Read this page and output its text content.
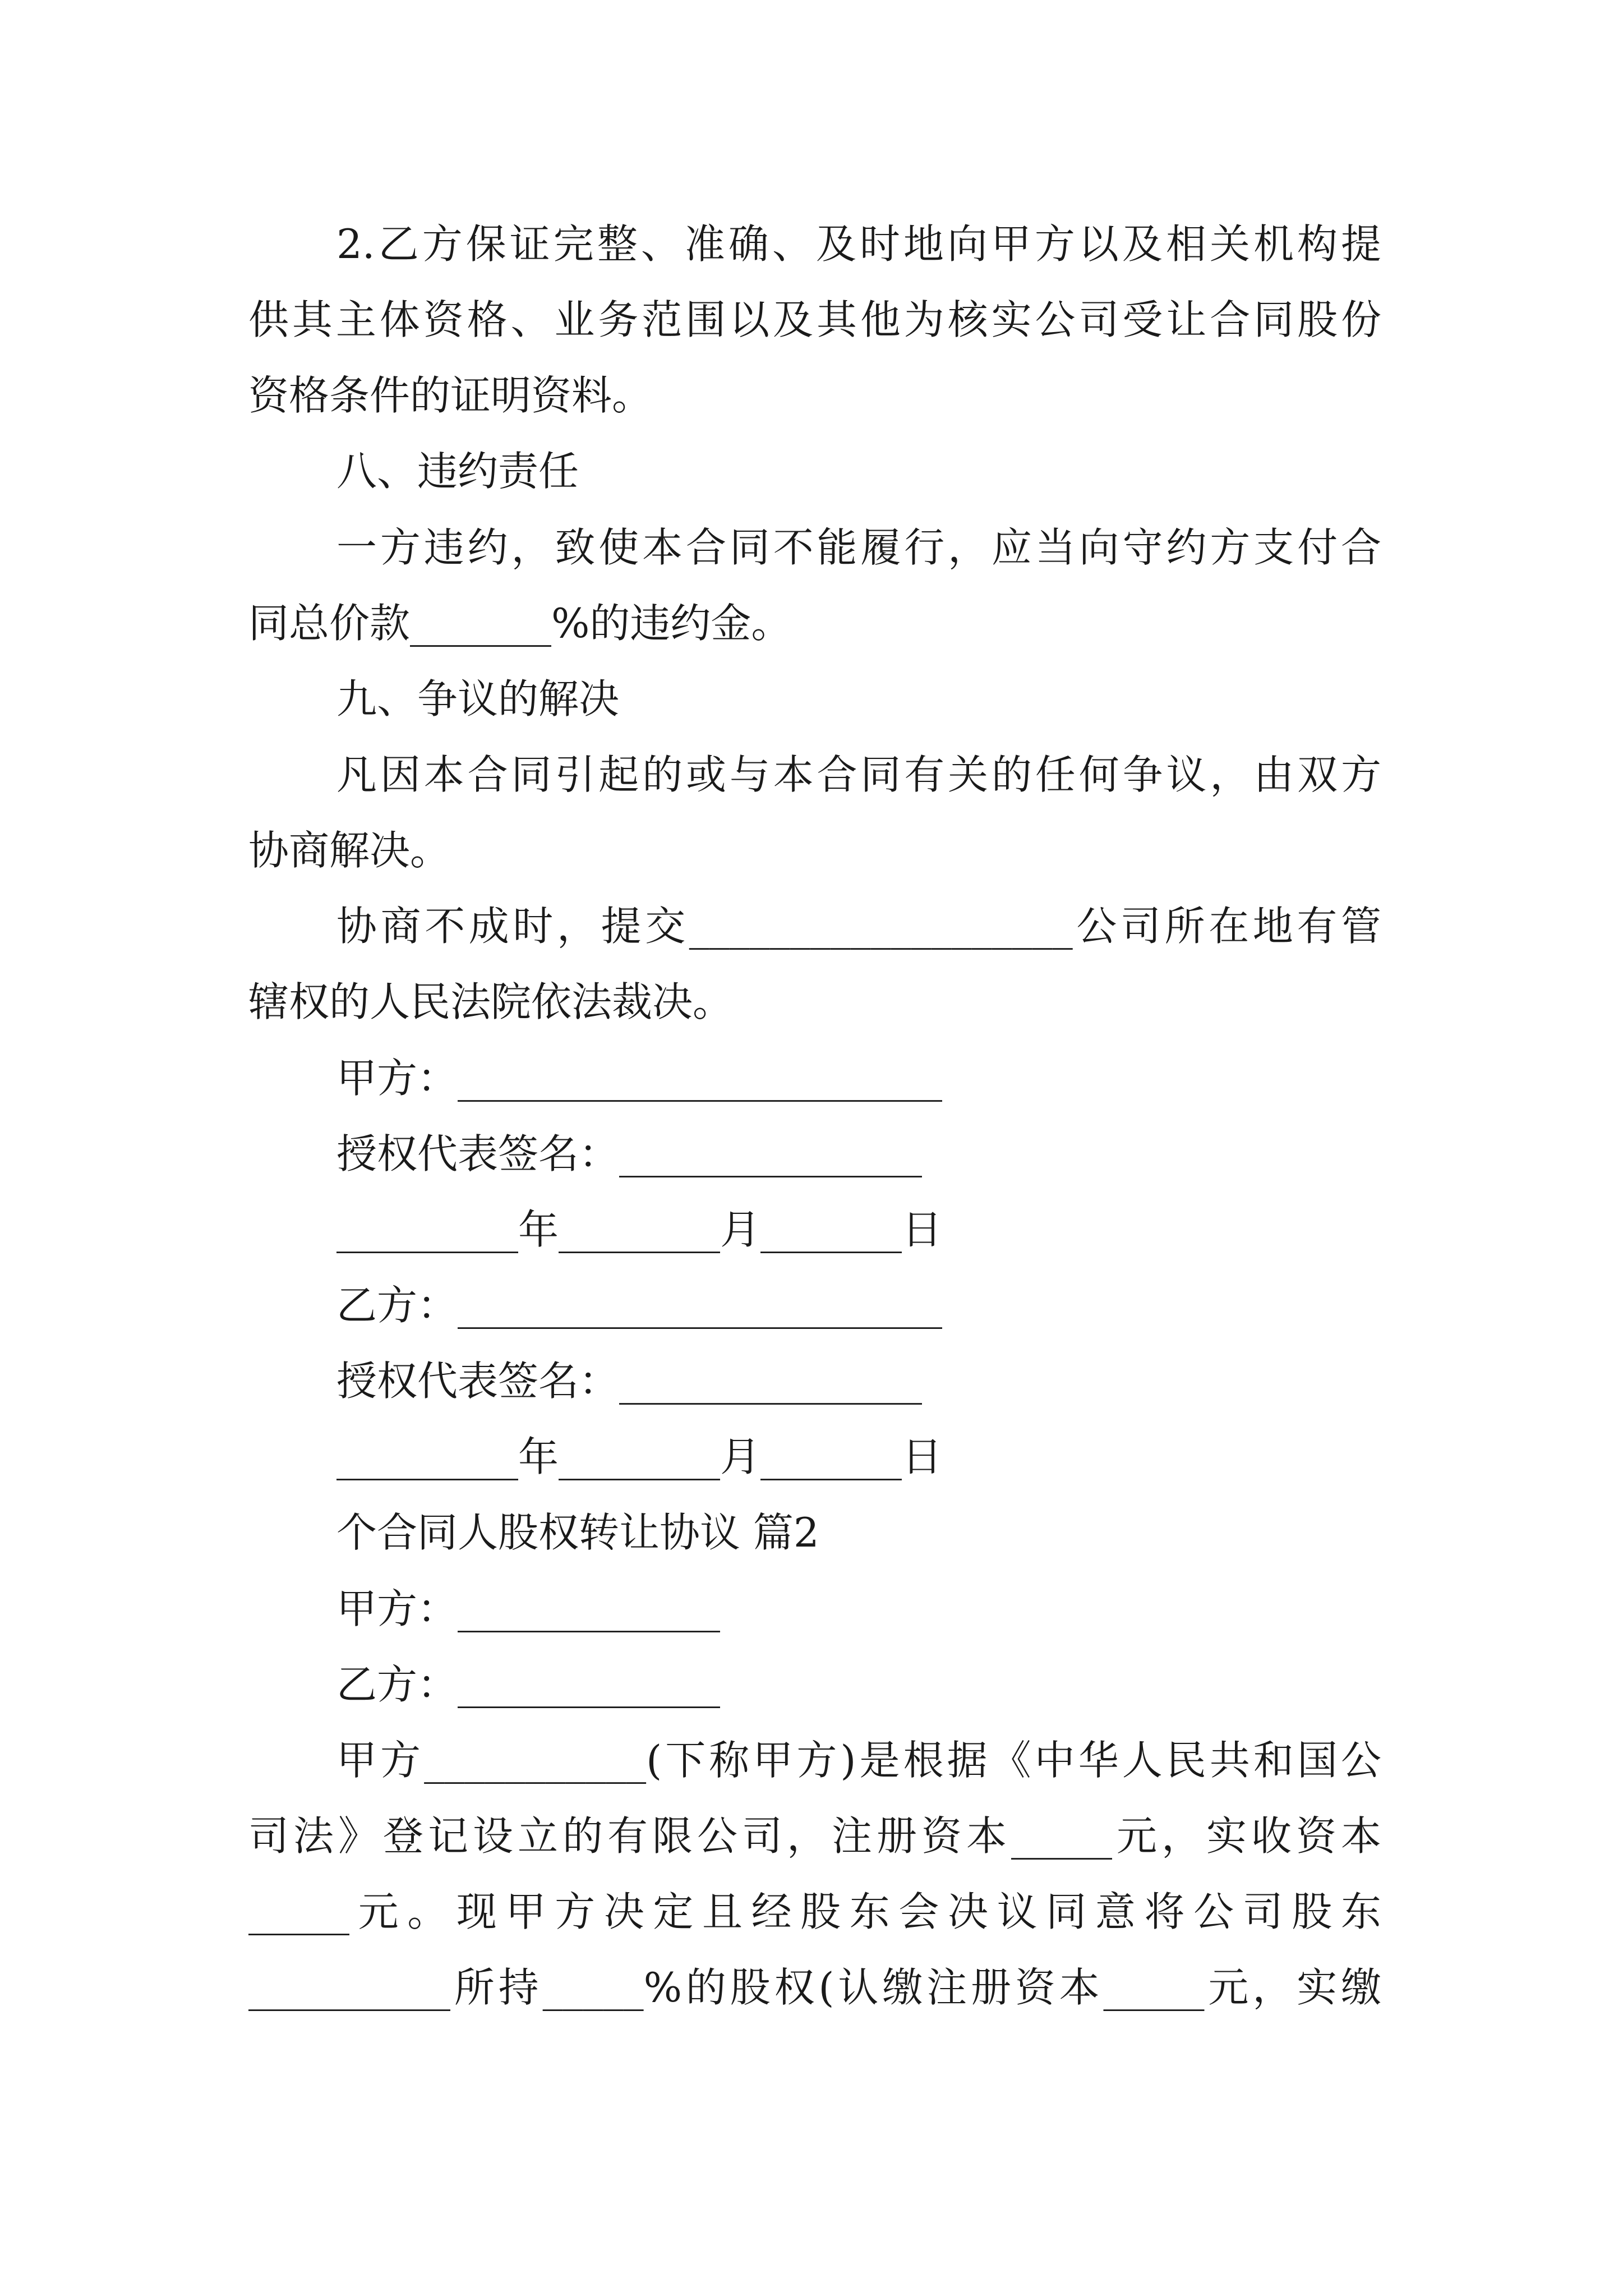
2.乙方保证完整、准确、及时地向甲方以及相关机构提
供其主体资格、业务范围以及其他为核实公司受让合同股份
资格条件的证明资料。
八、违约责任
一方违约，致使本合同不能履行，应当向守约方支付合
同总价款_______%的违约金。
九、争议的解决
凡因本合同引起的或与本合同有关的任何争议，由双方
协商解决。
协商不成时，提交___________________公司所在地有管
辖权的人民法院依法裁决。
甲方：________________________
授权代表签名：_______________
_________年________月_______日
乙方：________________________
授权代表签名：_______________
_________年________月_______日
个合同人股权转让协议 篇2
甲方：_____________
乙方：_____________
甲方___________(下称甲方)是根据《中华人民共和国公
司法》登记设立的有限公司，注册资本_____元，实收资本
_____元。现甲方决定且经股东会决议同意将公司股东
__________所持_____%的股权(认缴注册资本_____元，实缴
